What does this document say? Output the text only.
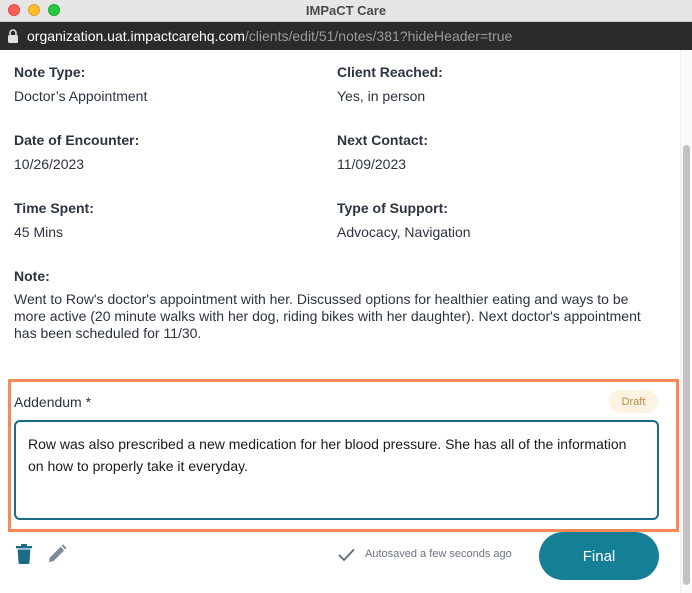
IMPaCT Care
organization.uat.impactcarehq.com/clients/edit/51/notes/381?hideHeader=true
Note Type:
Doctor’s Appointment
Client Reached:
Yes, in person
Date of Encounter:
10/26/2023
Next Contact:
11/09/2023
Time Spent:
45 Mins
Type of Support:
Advocacy, Navigation
Note:
Went to Row's doctor's appointment with her. Discussed options for healthier eating and ways to be more active (20 minute walks with her dog, riding bikes with her daughter). Next doctor's appointment has been scheduled for 11/30.
Addendum *	Draft
Row was also prescribed a new medication for her blood pressure. She has all of the information on how to properly take it everyday.
Autosaved a few seconds ago	Final
